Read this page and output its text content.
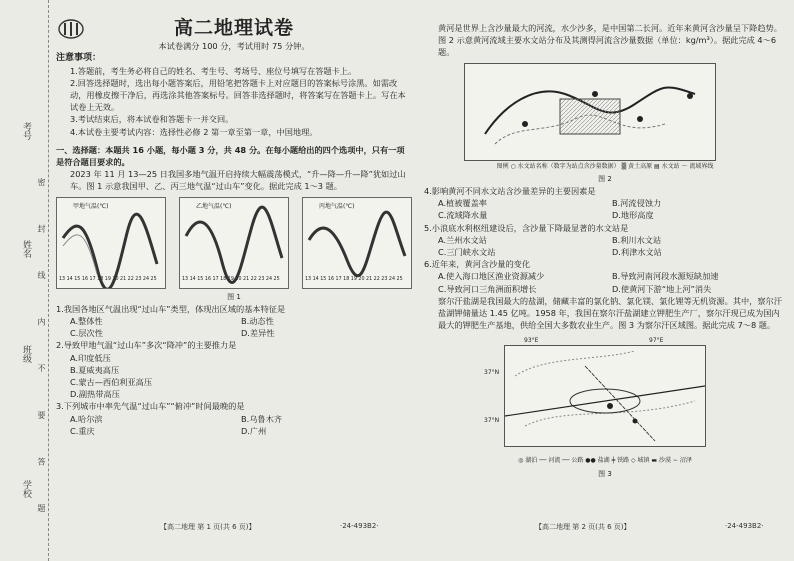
考号
姓名
班级
学校 密 封 线 内 不 要 答 题
高二地理试卷
本试卷满分 100 分，考试用时 75 分钟。
注意事项：
1.答题前，考生务必将自己的姓名、考生号、考场号、座位号填写在答题卡上。
2.回答选择题时，选出每小题答案后，用铅笔把答题卡上对应题目的答案标号涂黑。如需改动，用橡皮擦干净后，再选涂其他答案标号。回答非选择题时，将答案写在答题卡上。写在本试卷上无效。
3.考试结束后，将本试卷和答题卡一并交回。
4.本试卷主要考试内容：选择性必修 2 第一章至第一章，中国地理。
一、选择题：本题共 16 小题，每小题 3 分，共 48 分。在每小题给出的四个选项中，只有一项是符合题目要求的。
2023 年 11 月 13—25 日我国多地气温开启持续大幅震荡模式，“升—降—升—降”犹如过山车。图 1 示意我国甲、乙、丙三地气温“过山车”变化。据此完成 1～3 题。
甲地气温(℃)
13 14 15 16 17 18 19 20 21 22 23 24 25
乙地气温(℃)
13 14 15 16 17 18 19 20 21 22 23 24 25
丙地气温(℃)
13 14 15 16 17 18 19 20 21 22 23 24 25
图 1
1.我国各地区气温出现“过山车”类型，体现出区域的基本特征是
A.整体性	B.动态性
C.层次性	D.差异性
2.导致甲地气温“过山车”多次“降冲”的主要推力是
A.印度低压
B.夏威夷高压
C.蒙古—西伯利亚高压
D.副热带高压
3.下列城市中率先气温“过山车”“俯冲”时间最晚的是
A.哈尔滨	B.乌鲁木齐
C.重庆	D.广州
黄河是世界上含沙量最大的河流，水少沙多，是中国第二长河。近年来黄河含沙量呈下降趋势。图 2 示意黄河流域主要水文站分布及其测得河流含沙量数据（单位：kg/m³）。据此完成 4～6 题。
图例 ○ 水文站名称（数字为站点含沙量数据） ▒ 黄土高原 ▤ 水文站 ～ 流域界线
图 2
4.影响黄河不同水文站含沙量差异的主要因素是
A.植被覆盖率	B.河流侵蚀力
C.流域降水量	D.地形高度
5.小浪底水利枢纽建设后，含沙量下降最显著的水文站是
A.兰州水文站	B.利川水文站
C.三门峡水文站	D.利津水文站
6.近年来，黄河含沙量的变化
A.使入海口地区渔业资源减少	B.导致河南河段水源短缺加速
C.导致河口三角洲面积增长	D.使黄河下游“地上河”消失
察尔汗盐湖是我国最大的盐湖，储藏丰富的氯化钠、氯化镁、氯化锂等无机资源。其中，察尔汗盐湖钾储量达 1.45 亿吨。1958 年，我国在察尔汗盐湖建立钾肥生产厂，察尔汗现已成为国内最大的钾肥生产基地，供给全国大多数农业生产。图 3 为察尔汗区域图。据此完成 7～8 题。
37°N
37°N
93°E	97°E
◎ 湖泊 ── 河流 ── 公路 ●● 盐湖 ┿ 铁路 ◇ 城镇 ▬ 沙漠 ∼ 沼泽
图 3
【高二地理 第 1 页(共 6 页)】	·24-493B2·	【高二地理 第 2 页(共 6 页)】	·24-493B2·
